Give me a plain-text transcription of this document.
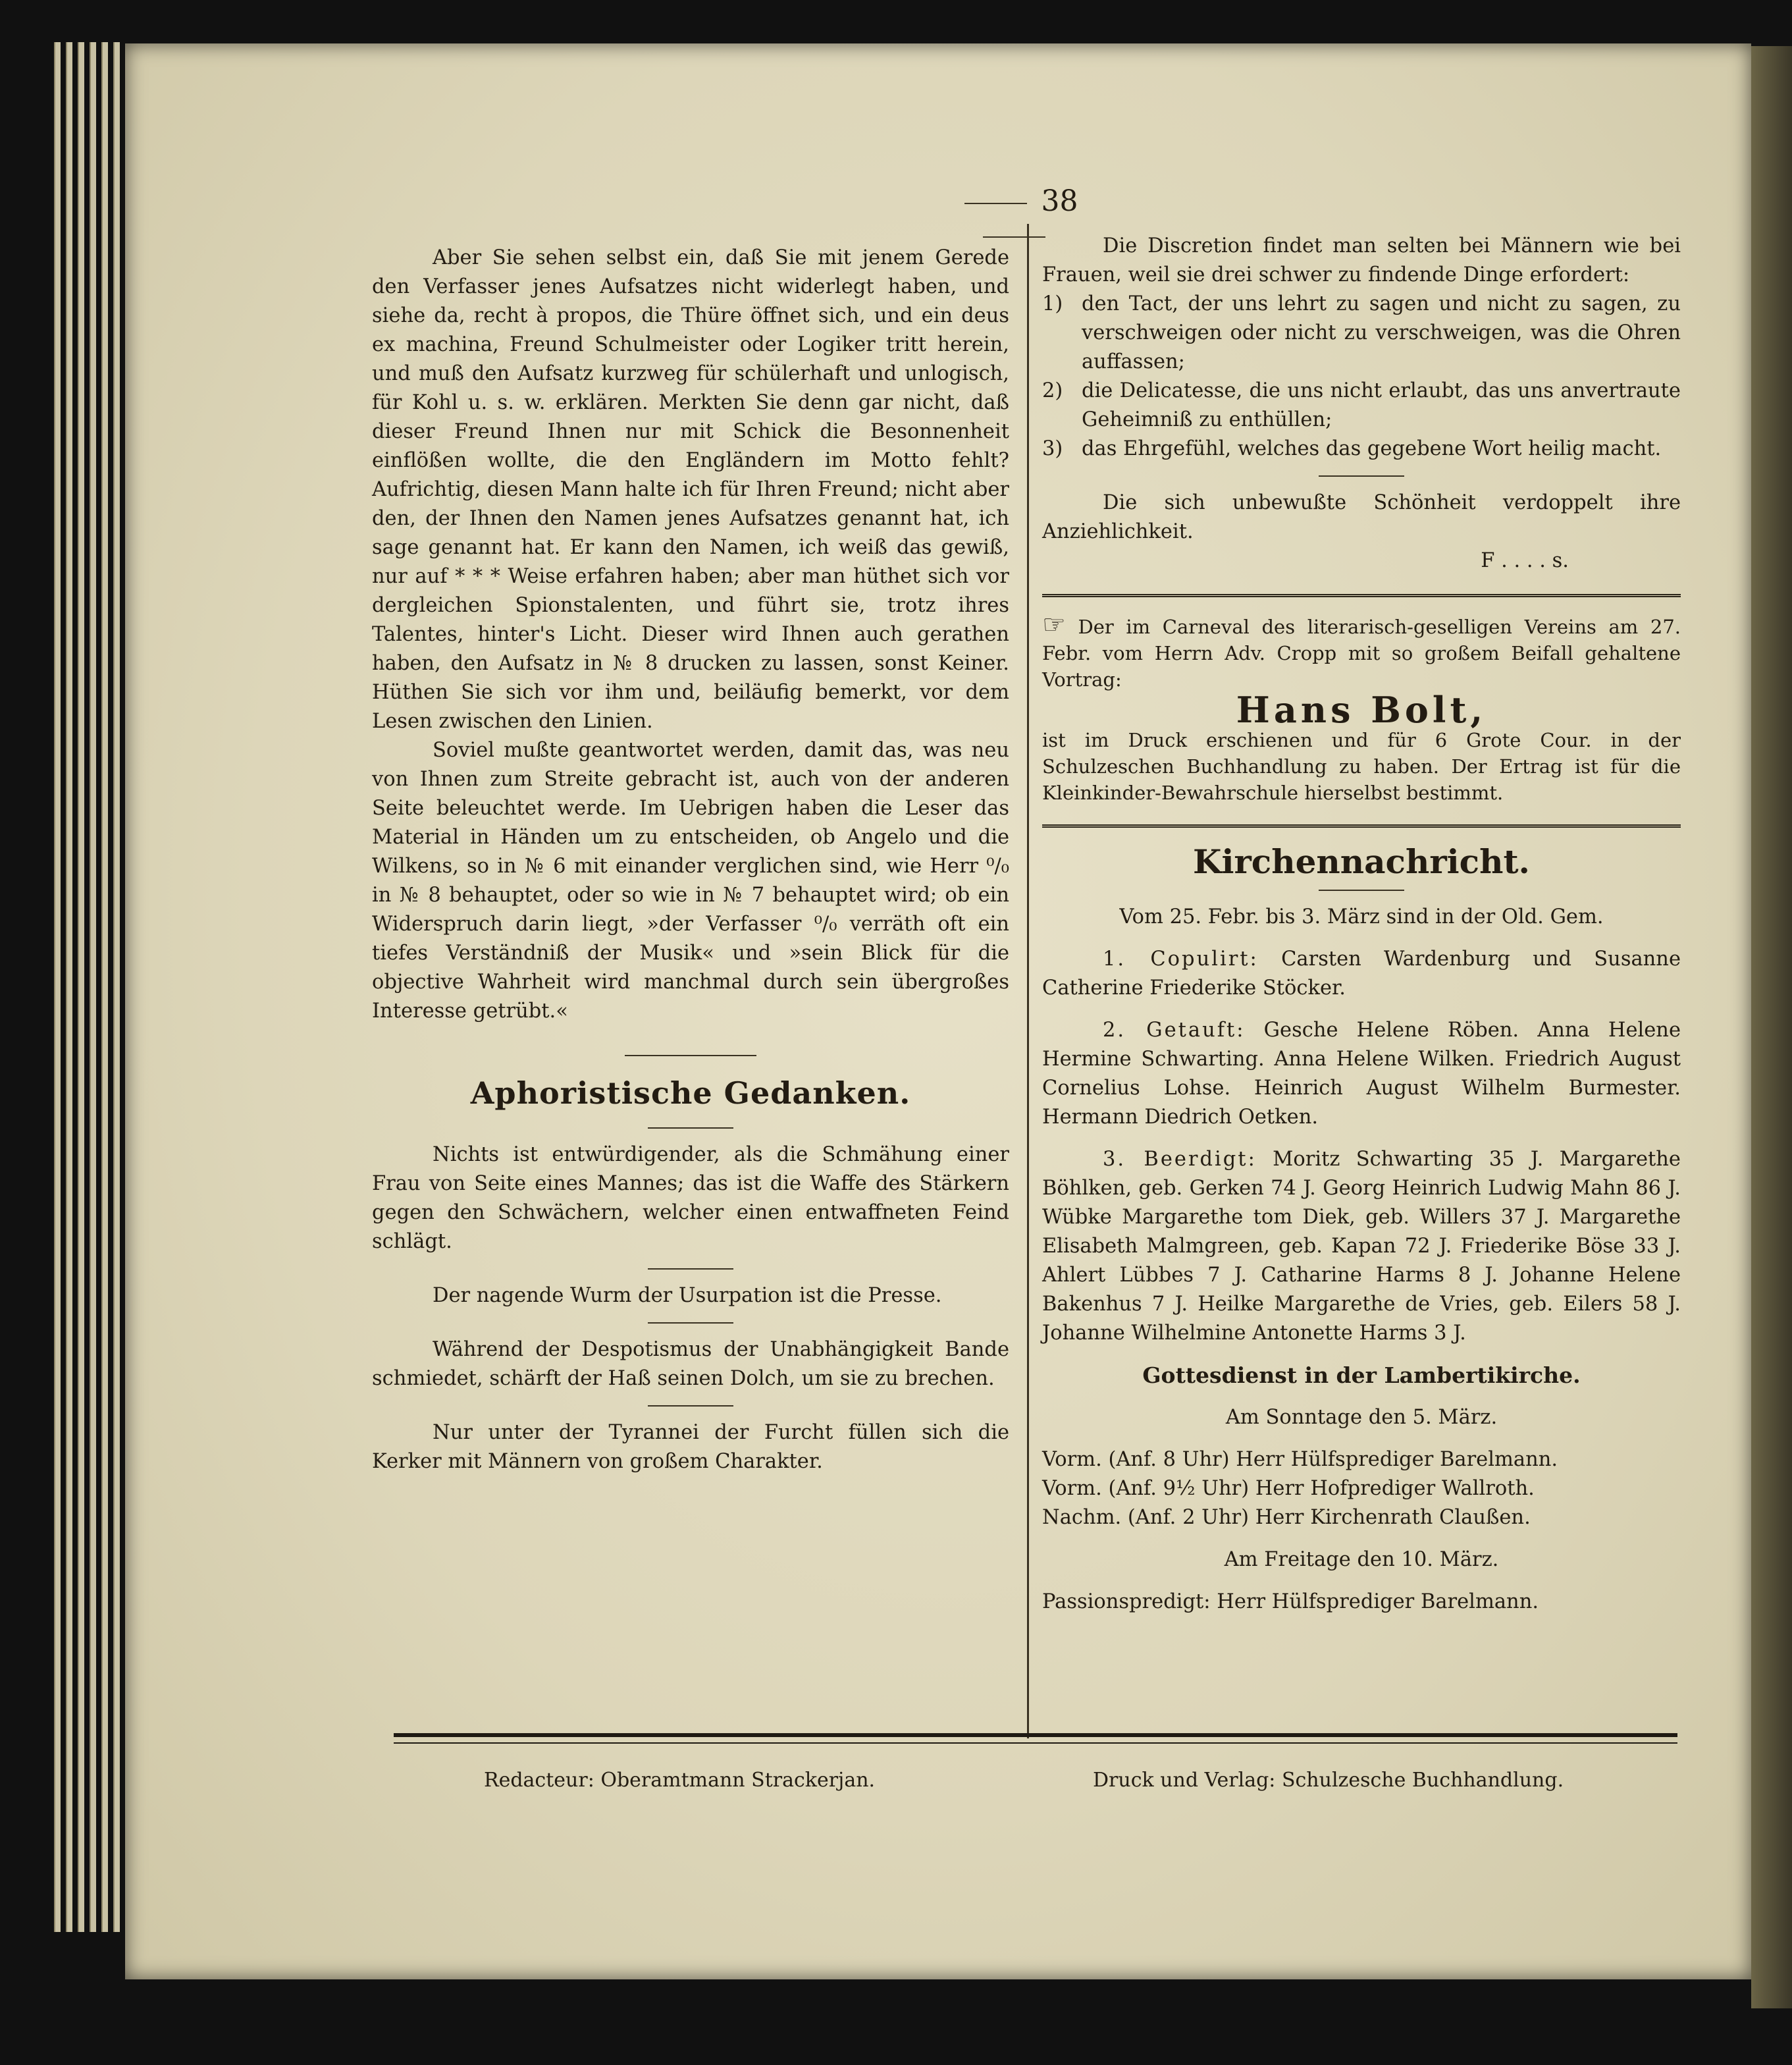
38

Aber Sie sehen selbst ein, daß Sie mit jenem Gerede den Verfasser jenes Aufsatzes nicht widerlegt haben, und siehe da, recht à propos, die Thüre öffnet sich, und ein deus ex machina, Freund Schulmeister oder Logiker tritt herein, und muß den Aufsatz kurzweg für schülerhaft und unlogisch, für Kohl u. s. w. erklären. Merkten Sie denn gar nicht, daß dieser Freund Ihnen nur mit Schick die Besonnenheit einflößen wollte, die den Engländern im Motto fehlt? Aufrichtig, diesen Mann halte ich für Ihren Freund; nicht aber den, der Ihnen den Namen jenes Aufsatzes genannt hat, ich sage genannt hat. Er kann den Namen, ich weiß das gewiß, nur auf * * * Weise erfahren haben; aber man hüthet sich vor dergleichen Spionstalenten, und führt sie, trotz ihres Talentes, hinter's Licht. Dieser wird Ihnen auch gerathen haben, den Aufsatz in № 8 drucken zu lassen, sonst Keiner. Hüthen Sie sich vor ihm und, beiläufig bemerkt, vor dem Lesen zwischen den Linien.

Soviel mußte geantwortet werden, damit das, was neu von Ihnen zum Streite gebracht ist, auch von der anderen Seite beleuchtet werde. Im Uebrigen haben die Leser das Material in Händen um zu entscheiden, ob Angelo und die Wilkens, so in № 6 mit einander verglichen sind, wie Herr ⁰/₀ in № 8 behauptet, oder so wie in № 7 behauptet wird; ob ein Widerspruch darin liegt, »der Verfasser ⁰/₀ verräth oft ein tiefes Verständniß der Musik« und »sein Blick für die objective Wahrheit wird manchmal durch sein übergroßes Interesse getrübt.«

Aphoristische Gedanken.

Nichts ist entwürdigender, als die Schmähung einer Frau von Seite eines Mannes; das ist die Waffe des Stärkern gegen den Schwächern, welcher einen entwaffneten Feind schlägt.

Der nagende Wurm der Usurpation ist die Presse.

Während der Despotismus der Unabhängigkeit Bande schmiedet, schärft der Haß seinen Dolch, um sie zu brechen.

Nur unter der Tyrannei der Furcht füllen sich die Kerker mit Männern von großem Charakter.

Die Discretion findet man selten bei Männern wie bei Frauen, weil sie drei schwer zu findende Dinge erfordert:

1) den Tact, der uns lehrt zu sagen und nicht zu sagen, zu verschweigen oder nicht zu verschweigen, was die Ohren auffassen;

2) die Delicatesse, die uns nicht erlaubt, das uns anvertraute Geheimniß zu enthüllen;

3) das Ehrgefühl, welches das gegebene Wort heilig macht.

Die sich unbewußte Schönheit verdoppelt ihre Anziehlichkeit.

F . . . . s.

☞ Der im Carneval des literarisch-geselligen Vereins am 27. Febr. vom Herrn Adv. Cropp mit so großem Beifall gehaltene Vortrag:

Hans Bolt,

ist im Druck erschienen und für 6 Grote Cour. in der Schulzeschen Buchhandlung zu haben. Der Ertrag ist für die Kleinkinder-Bewahrschule hierselbst bestimmt.

Kirchennachricht.

Vom 25. Febr. bis 3. März sind in der Old. Gem.

1. Copulirt: Carsten Wardenburg und Susanne Catherine Friederike Stöcker.

2. Getauft: Gesche Helene Röben. Anna Helene Hermine Schwarting. Anna Helene Wilken. Friedrich August Cornelius Lohse. Heinrich August Wilhelm Burmester. Hermann Diedrich Oetken.

3. Beerdigt: Moritz Schwarting 35 J. Margarethe Böhlken, geb. Gerken 74 J. Georg Heinrich Ludwig Mahn 86 J. Wübke Margarethe tom Diek, geb. Willers 37 J. Margarethe Elisabeth Malmgreen, geb. Kapan 72 J. Friederike Böse 33 J. Ahlert Lübbes 7 J. Catharine Harms 8 J. Johanne Helene Bakenhus 7 J. Heilke Margarethe de Vries, geb. Eilers 58 J. Johanne Wilhelmine Antonette Harms 3 J.

Gottesdienst in der Lambertikirche.

Am Sonntage den 5. März.

Vorm. (Anf. 8 Uhr) Herr Hülfsprediger Barelmann.

Vorm. (Anf. 9½ Uhr) Herr Hofprediger Wallroth.

Nachm. (Anf. 2 Uhr) Herr Kirchenrath Claußen.

Am Freitage den 10. März.

Passionspredigt: Herr Hülfsprediger Barelmann.

Redacteur: Oberamtmann Strackerjan.	Druck und Verlag: Schulzesche Buchhandlung.
